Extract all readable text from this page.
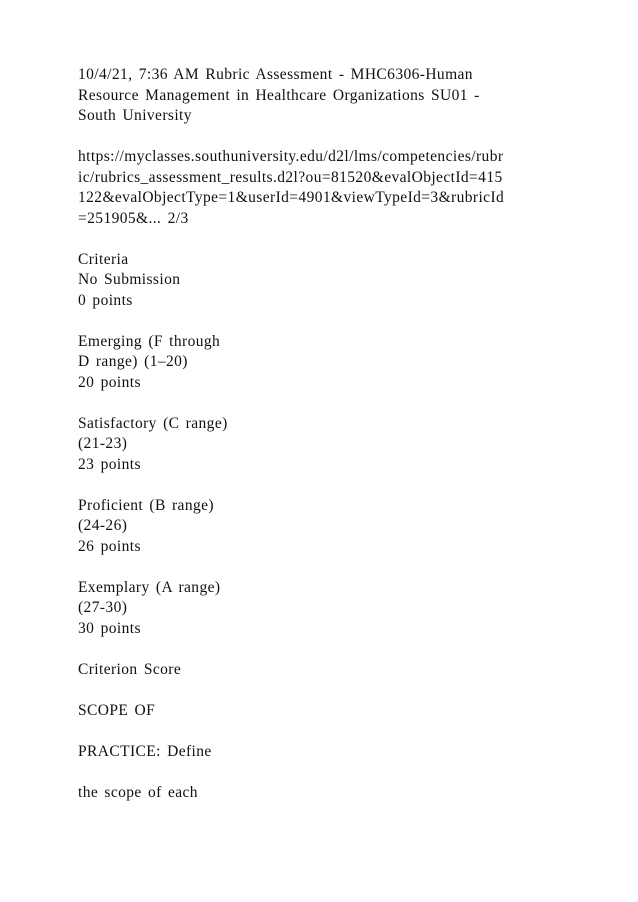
10/4/21, 7:36 AM Rubric Assessment - MHC6306-Human
Resource Management in Healthcare Organizations SU01 -
South University
https://myclasses.southuniversity.edu/d2l/lms/competencies/rubr
ic/rubrics_assessment_results.d2l?ou=81520&evalObjectId=415
122&evalObjectType=1&userId=4901&viewTypeId=3&rubricId
=251905&... 2/3
Criteria
No Submission
0 points
Emerging (F through
D range) (1–20)
20 points
Satisfactory (C range)
(21-23)
23 points
Proficient (B range)
(24-26)
26 points
Exemplary (A range)
(27-30)
30 points
Criterion Score
SCOPE OF
PRACTICE: Define
the scope of each
